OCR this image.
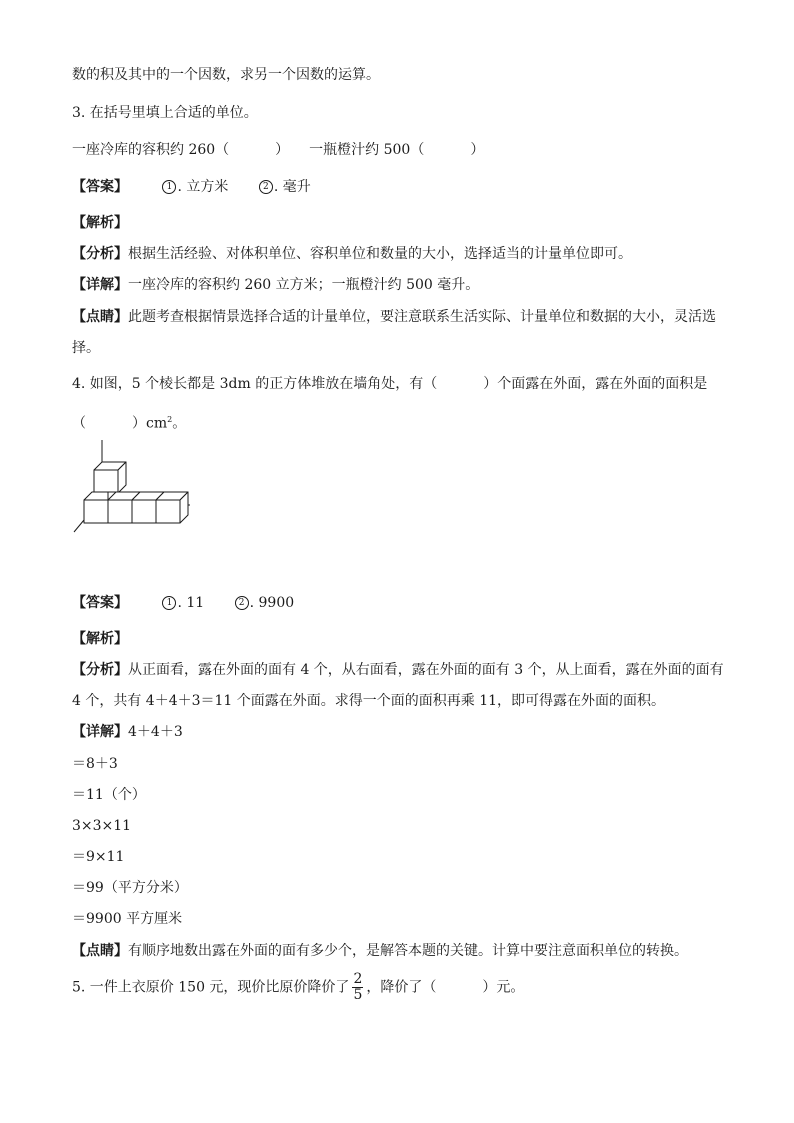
数的积及其中的一个因数，求另一个因数的运算。
3. 在括号里填上合适的单位。
一座冷库的容积约 260（	） 一瓶橙汁约 500（	）
【答案】	1 . 立方米	2 . 毫升
【解析】
【分析】根据生活经验、对体积单位、容积单位和数量的大小，选择适当的计量单位即可。
【详解】一座冷库的容积约 260 立方米；一瓶橙汁约 500 毫升。
【点睛】此题考查根据情景选择合适的计量单位，要注意联系生活实际、计量单位和数据的大小，灵活选
择。
4. 如图，5 个棱长都是 3dm 的正方体堆放在墙角处，有（	）个面露在外面，露在外面的面积是
（	）$cm^2$。
【答案】	1 . 11	2 . 9900
【解析】
【分析】从正面看，露在外面的面有 4 个，从右面看，露在外面的面有 3 个，从上面看，露在外面的面有
4 个，共有 4＋4＋3＝11 个面露在外面。求得一个面的面积再乘 11，即可得露在外面的面积。
【详解】4＋4＋3
＝8＋3
＝11（个）
3×3×11
＝9×11
＝99（平方分米）
＝9900 平方厘米
【点睛】有顺序地数出露在外面的面有多少个，是解答本题的关键。计算中要注意面积单位的转换。
5. 一件上衣原价 150 元，现价比原价降价了 $\frac{2}{5}$ ，降价了（	）元。
